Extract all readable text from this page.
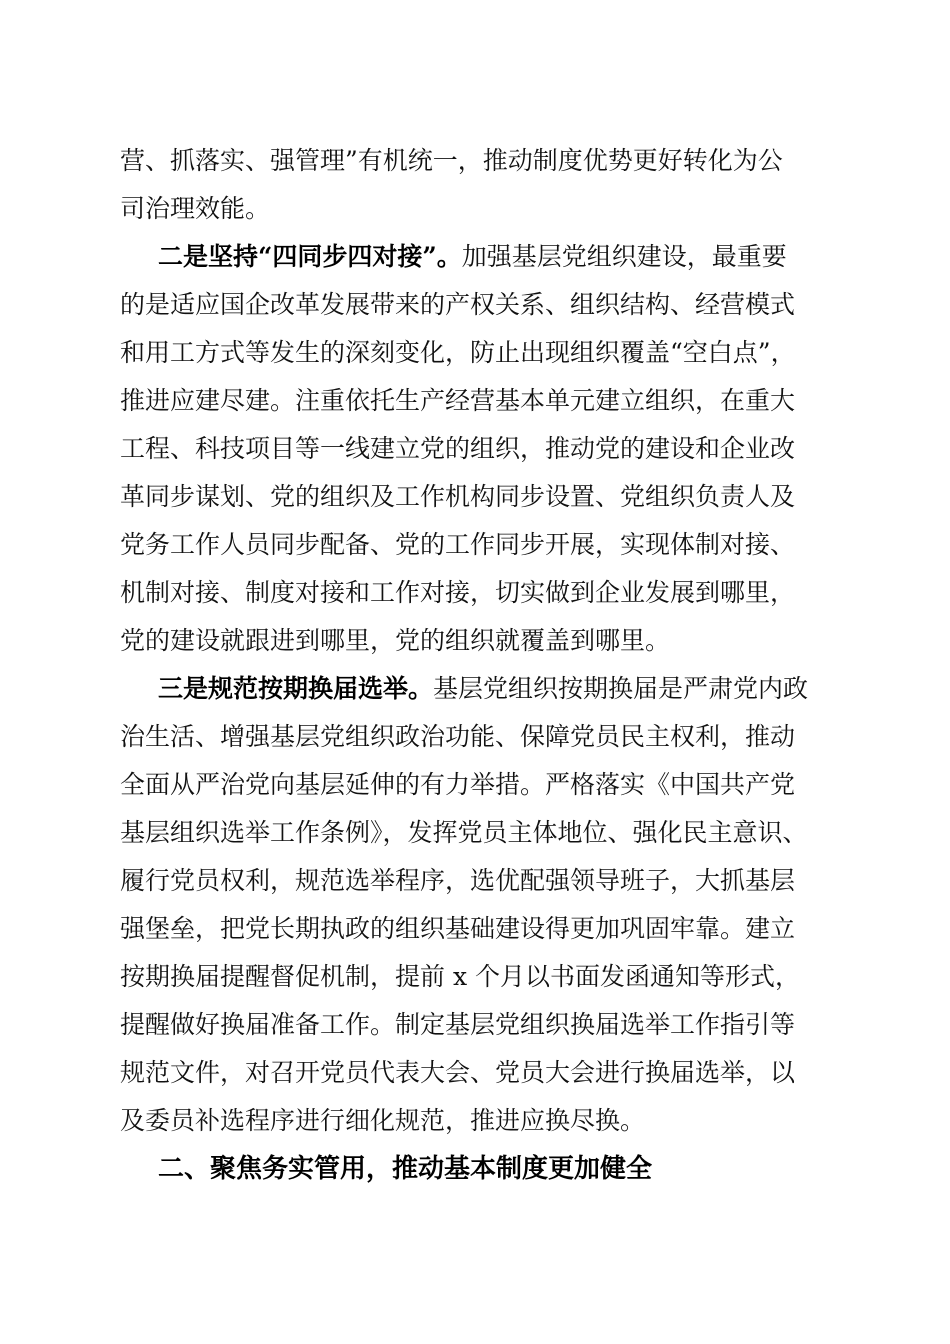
营、抓落实、强管理”有机统一，推动制度优势更好转化为公
司治理效能。
二是坚持“四同步四对接”。加强基层党组织建设，最重要
的是适应国企改革发展带来的产权关系、组织结构、经营模式
和用工方式等发生的深刻变化，防止出现组织覆盖“空白点”，
推进应建尽建。注重依托生产经营基本单元建立组织，在重大
工程、科技项目等一线建立党的组织，推动党的建设和企业改
革同步谋划、党的组织及工作机构同步设置、党组织负责人及
党务工作人员同步配备、党的工作同步开展，实现体制对接、
机制对接、制度对接和工作对接，切实做到企业发展到哪里，
党的建设就跟进到哪里，党的组织就覆盖到哪里。
三是规范按期换届选举。基层党组织按期换届是严肃党内政
治生活、增强基层党组织政治功能、保障党员民主权利，推动
全面从严治党向基层延伸的有力举措。严格落实《中国共产党
基层组织选举工作条例》，发挥党员主体地位、强化民主意识、
履行党员权利，规范选举程序，选优配强领导班子，大抓基层
强堡垒，把党长期执政的组织基础建设得更加巩固牢靠。建立
按期换届提醒督促机制，提前 x 个月以书面发函通知等形式，
提醒做好换届准备工作。制定基层党组织换届选举工作指引等
规范文件，对召开党员代表大会、党员大会进行换届选举，以
及委员补选程序进行细化规范，推进应换尽换。
二、聚焦务实管用，推动基本制度更加健全
